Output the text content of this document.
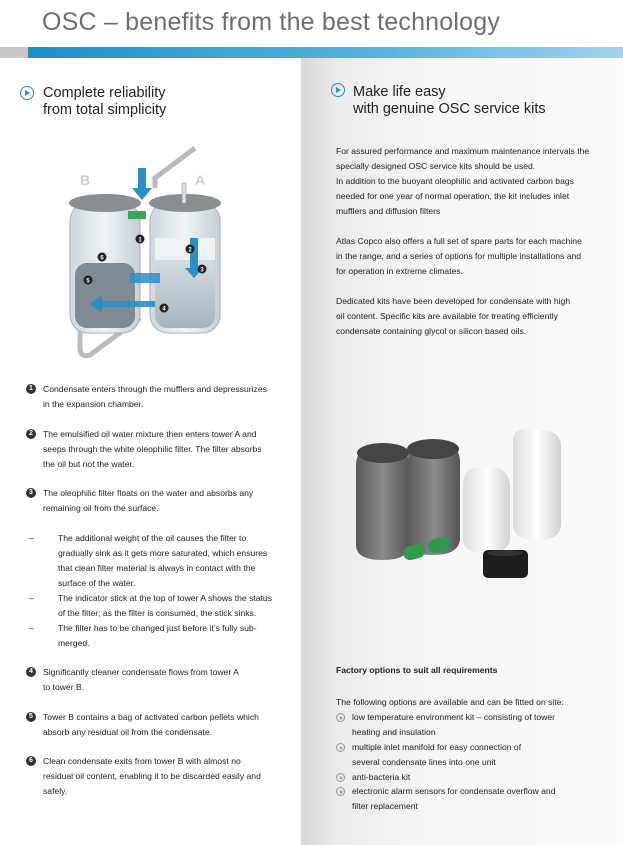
OSC – benefits from the best technology
Complete reliability
from total simplicity
Make life easy
with genuine OSC service kits
B	A
1
2
3
4
5
6
1	Condensate enters through the mufflers and depressurizes
in the expansion chamber.
2	The emulsified oil water mixture then enters tower A and
seeps through the white oleophilic filter. The filter absorbs
the oil but not the water.
3	The oleophilic filter floats on the water and absorbs any
remaining oil from the surface.
–	The additional weight of the oil causes the filter to
gradually sink as it gets more saturated, which ensures
that clean filter material is always in contact with the
surface of the water.
–	The indicator stick at the top of tower A shows the status
of the filter; as the filter is consumed, the stick sinks.
–	The filter has to be changed just before it’s fully sub-
merged.
4	Significantly cleaner condensate flows from tower A
to tower B.
5	Tower B contains a bag of activated carbon pellets which
absorb any residual oil from the condensate.
6	Clean condensate exits from tower B with almost no
residual oil content, enabling it to be discarded easily and
safely.
For assured performance and maximum maintenance intervals the
specially designed OSC service kits should be used.
In addition to the buoyant oleophilic and activated carbon bags
needed for one year of normal operation, the kit includes inlet
mufflers and diffusion filters
Atlas Copco also offers a full set of spare parts for each machine
in the range, and a series of options for multiple installations and
for operation in extreme climates.
Dedicated kits have been developed for condensate with high
oil content. Specific kits are available for treating efficiently
condensate containing glycol or silicon based oils.
Factory options to suit all requirements
The following options are available and can be fitted on site:
low temperature environment kit – consisting of tower
heating and insulation
multiple inlet manifold for easy connection of
several condensate lines into one unit
anti-bacteria kit
electronic alarm sensors for condensate overflow and
filter replacement
